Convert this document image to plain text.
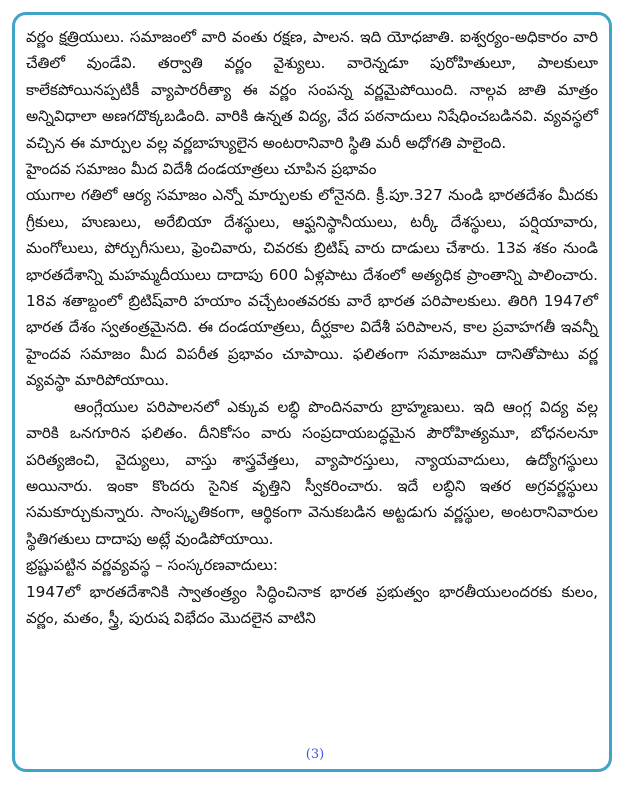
వర్ణం క్షత్రియులు. సమాజంలో వారి వంతు రక్షణ, పాలన. ఇది యోధజాతి. ఐశ్వర్యం-అధికారం వారి చేతిలో వుండేవి. తర్వాతి వర్ణం వైశ్యులు. వారెన్నడూ పురోహితులూ, పాలకులూ కాలేకపోయినప్పటికీ వ్యాపారరీత్యా ఈ వర్ణం సంపన్న వర్ణమైపోయింది. నాల్గవ జాతి మాత్రం అన్నివిధాలా అణగదొక్కబడింది. వారికి ఉన్నత విద్య, వేద పఠనాదులు నిషేధించబడినవి. వ్యవస్థలో వచ్చిన ఈ మార్పుల వల్ల వర్ణబాహ్యులైన అంటరానివారి స్థితి మరీ అధోగతి పాలైంది.

హైందవ సమాజం మీద విదేశీ దండయాత్రలు చూపిన ప్రభావం

యుగాల గతిలో ఆర్య సమాజం ఎన్నో మార్పులకు లోనైనది. క్రీ.పూ.327 నుండి భారతదేశం మీదకు గ్రీకులు, హుణులు, అరేబియా దేశస్థులు, ఆఫ్ఘనిస్థానీయులు, టర్కీ దేశస్థులు, పర్షియావారు, మంగోలులు, పోర్చుగీసులు, ఫ్రెంచివారు, చివరకు బ్రిటిష్ వారు దాడులు చేశారు. 13వ శకం నుండి భారతదేశాన్ని మహమ్మదీయులు దాదాపు 600 ఏళ్లపాటు దేశంలో అత్యధిక ప్రాంతాన్ని పాలించారు. 18వ శతాబ్దంలో బ్రిటిష్‌వారి హయాం వచ్చేటంతవరకు వారే భారత పరిపాలకులు. తిరిగి 1947లో భారత దేశం స్వతంత్రమైనది. ఈ దండయాత్రలు, దీర్ఘకాల విదేశీ పరిపాలన, కాల ప్రవాహగతీ ఇవన్నీ హైందవ సమాజం మీద విపరీత ప్రభావం చూపాయి. ఫలితంగా సమాజమూ దానితోపాటు వర్ణ వ్యవస్థా మారిపోయాయి.

ఆంగ్లేయుల పరిపాలనలో ఎక్కువ లబ్ధి పొందినవారు బ్రాహ్మణులు. ఇది ఆంగ్ల విద్య వల్ల వారికి ఒనగూరిన ఫలితం. దీనికోసం వారు సంప్రదాయబద్ధమైన పౌరోహిత్యమూ, బోధనలనూ పరిత్యజించి, వైద్యులు, వాస్తు శాస్త్రవేత్తలు, వ్యాపారస్తులు, న్యాయవాదులు, ఉద్యోగస్థులు అయినారు. ఇంకా కొందరు సైనిక వృత్తిని స్వీకరించారు. ఇదే లబ్ధిని ఇతర అగ్రవర్ణస్థులు సమకూర్చుకున్నారు. సాంస్కృతికంగా, ఆర్థికంగా వెనుకబడిన అట్టడుగు వర్ణస్థుల, అంటరానివారుల స్థితిగతులు దాదాపు అట్లే వుండిపోయాయి.

భ్రష్టుపట్టిన వర్ణవ్యవస్థ – సంస్కరణవాదులు:

1947లో భారతదేశానికి స్వాతంత్ర్యం సిద్ధించినాక భారత ప్రభుత్వం భారతీయులందరకు కులం, వర్ణం, మతం, స్త్రీ, పురుష విభేదం మొదలైన వాటిని

(3)
